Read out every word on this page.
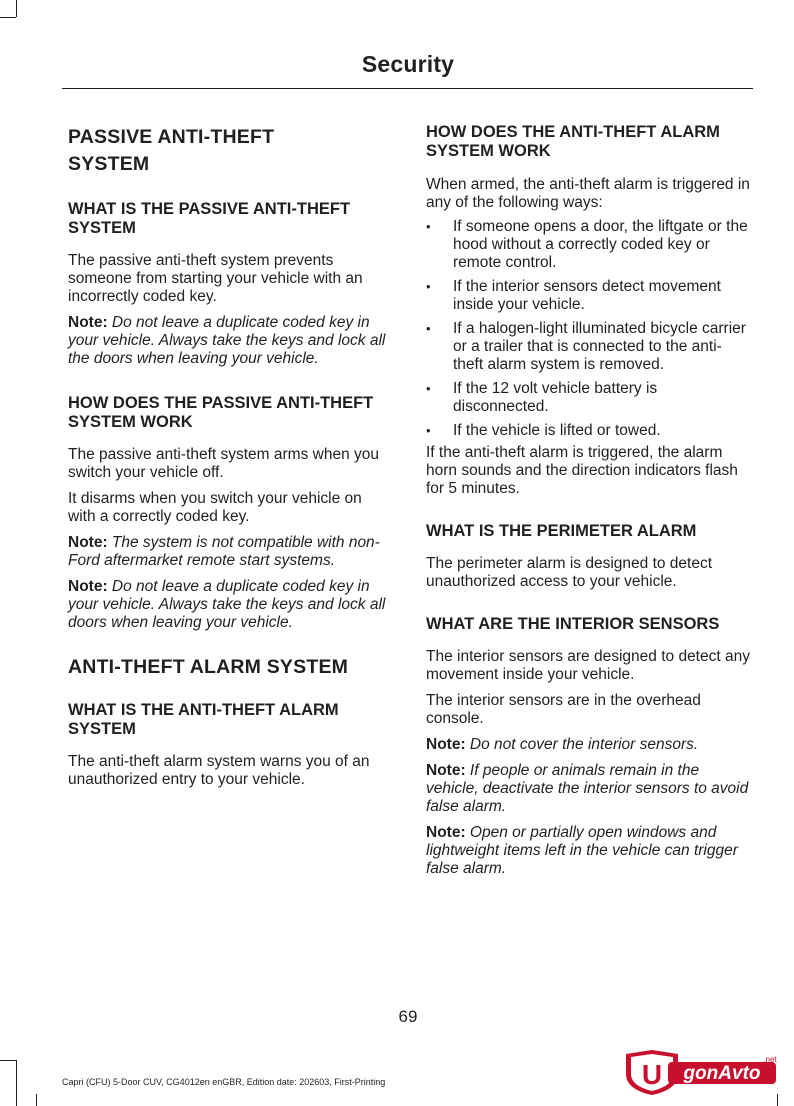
Security
PASSIVE ANTI-THEFT SYSTEM
WHAT IS THE PASSIVE ANTI-THEFT SYSTEM

The passive anti-theft system prevents someone from starting your vehicle with an incorrectly coded key.

Note: Do not leave a duplicate coded key in your vehicle. Always take the keys and lock all the doors when leaving your vehicle.

HOW DOES THE PASSIVE ANTI-THEFT SYSTEM WORK

The passive anti-theft system arms when you switch your vehicle off.

It disarms when you switch your vehicle on with a correctly coded key.

Note: The system is not compatible with non-Ford aftermarket remote start systems.

Note: Do not leave a duplicate coded key in your vehicle. Always take the keys and lock all doors when leaving your vehicle.

ANTI-THEFT ALARM SYSTEM
WHAT IS THE ANTI-THEFT ALARM SYSTEM

The anti-theft alarm system warns you of an unauthorized entry to your vehicle.

HOW DOES THE ANTI-THEFT ALARM SYSTEM WORK

When armed, the anti-theft alarm is triggered in any of the following ways:

• If someone opens a door, the liftgate or the hood without a correctly coded key or remote control.
• If the interior sensors detect movement inside your vehicle.
• If a halogen-light illuminated bicycle carrier or a trailer that is connected to the anti-theft alarm system is removed.
• If the 12 volt vehicle battery is disconnected.
• If the vehicle is lifted or towed.

If the anti-theft alarm is triggered, the alarm horn sounds and the direction indicators flash for 5 minutes.

WHAT IS THE PERIMETER ALARM

The perimeter alarm is designed to detect unauthorized access to your vehicle.

WHAT ARE THE INTERIOR SENSORS

The interior sensors are designed to detect any movement inside your vehicle.

The interior sensors are in the overhead console.

Note: Do not cover the interior sensors.

Note: If people or animals remain in the vehicle, deactivate the interior sensors to avoid false alarm.

Note: Open or partially open windows and lightweight items left in the vehicle can trigger false alarm.

69
Capri (CFU) 5-Door CUV, CG4012en enGBR, Edition date: 202603, First-Printing	U gonAvto
.net
